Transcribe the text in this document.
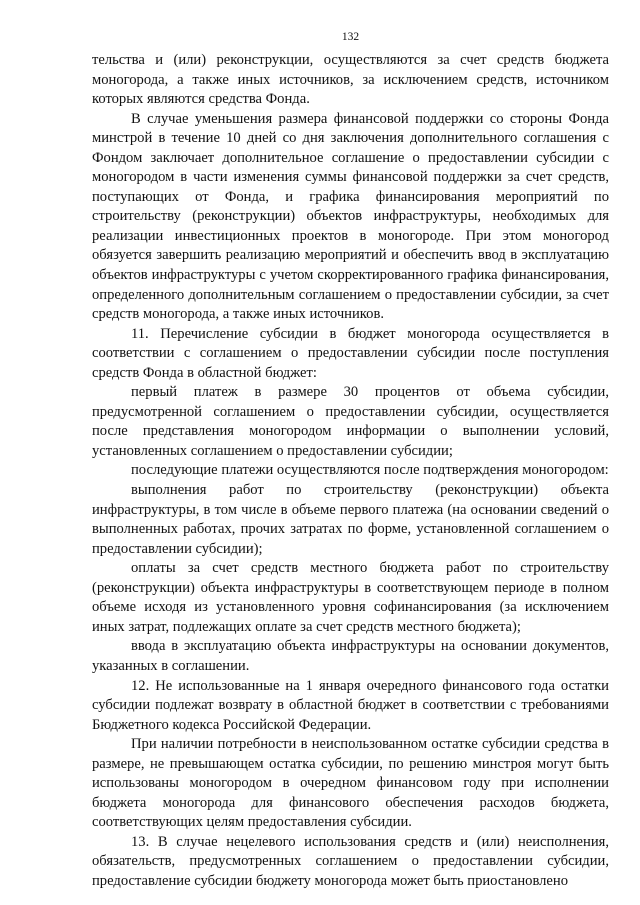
132

тельства и (или) реконструкции, осуществляются за счет средств бюджета моногорода, а также иных источников, за исключением средств, источником которых являются средства Фонда.

В случае уменьшения размера финансовой поддержки со стороны Фонда минстрой в течение 10 дней со дня заключения дополнительного соглашения с Фондом заключает дополнительное соглашение о предоставлении субсидии с моногородом в части изменения суммы финансовой поддержки за счет средств, поступающих от Фонда, и графика финансирования мероприятий по строительству (реконструкции) объектов инфраструктуры, необходимых для реализации инвестиционных проектов в моногороде. При этом моногород обязуется завершить реализацию мероприятий и обеспечить ввод в эксплуатацию объектов инфраструктуры с учетом скорректированного графика финансирования, определенного дополнительным соглашением о предоставлении субсидии, за счет средств моногорода, а также иных источников.

11. Перечисление субсидии в бюджет моногорода осуществляется в соответствии с соглашением о предоставлении субсидии после поступления средств Фонда в областной бюджет:

первый платеж в размере 30 процентов от объема субсидии, предусмотренной соглашением о предоставлении субсидии, осуществляется после представления моногородом информации о выполнении условий, установленных соглашением о предоставлении субсидии;

последующие платежи осуществляются после подтверждения моногородом:

выполнения работ по строительству (реконструкции) объекта инфраструктуры, в том числе в объеме первого платежа (на основании сведений о выполненных работах, прочих затратах по форме, установленной соглашением о предоставлении субсидии);

оплаты за счет средств местного бюджета работ по строительству (реконструкции) объекта инфраструктуры в соответствующем периоде в полном объеме исходя из установленного уровня софинансирования (за исключением иных затрат, подлежащих оплате за счет средств местного бюджета);

ввода в эксплуатацию объекта инфраструктуры на основании документов, указанных в соглашении.

12. Не использованные на 1 января очередного финансового года остатки субсидии подлежат возврату в областной бюджет в соответствии с требованиями Бюджетного кодекса Российской Федерации.

При наличии потребности в неиспользованном остатке субсидии средства в размере, не превышающем остатка субсидии, по решению минстроя могут быть использованы моногородом в очередном финансовом году при исполнении бюджета моногорода для финансового обеспечения расходов бюджета, соответствующих целям предоставления субсидии.

13. В случае нецелевого использования средств и (или) неисполнения, обязательств, предусмотренных соглашением о предоставлении субсидии, предоставление субсидии бюджету моногорода может быть приостановлено
